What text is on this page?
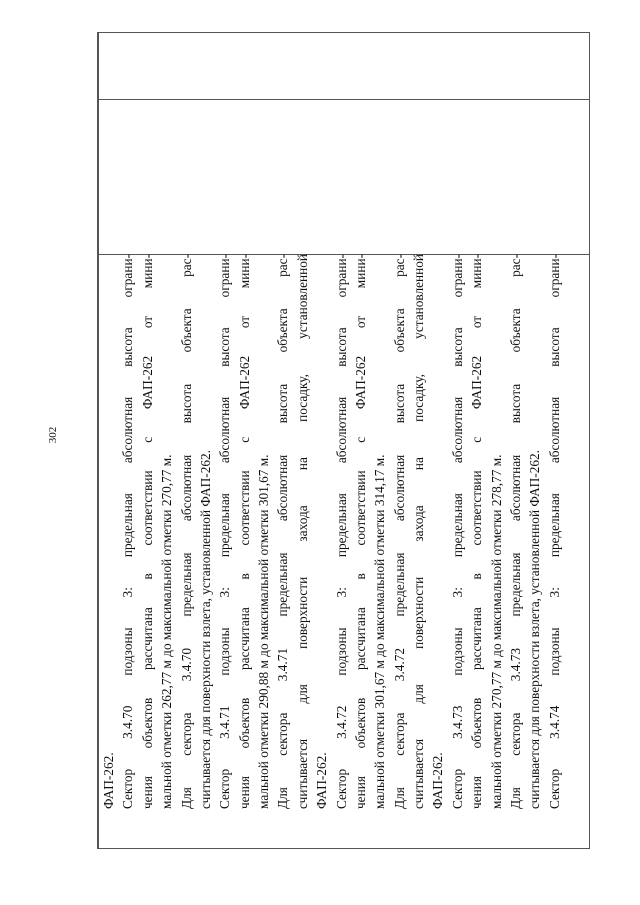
302
ФАП-262. Сектор 3.4.70 подзоны 3: предельная абсолютная высота ограни- чения объектов рассчитана в соответствии с ФАП-262 от мини- мальной отметки 262,77 м до максимальной отметки 270,77 м. Для сектора 3.4.70 предельная абсолютная высота объекта рас- считывается для поверхности взлета, установленной ФАП-262. Сектор 3.4.71 подзоны 3: предельная абсолютная высота ограни- чения объектов рассчитана в соответствии с ФАП-262 от мини- мальной отметки 290,88 м до максимальной отметки 301,67 м. Для сектора 3.4.71 предельная абсолютная высота объекта рас- считывается для поверхности захода на посадку, установленной ФАП-262. Сектор 3.4.72 подзоны 3: предельная абсолютная высота ограни- чения объектов рассчитана в соответствии с ФАП-262 от мини- мальной отметки 301,67 м до максимальной отметки 314,17 м. Для сектора 3.4.72 предельная абсолютная высота объекта рас- считывается для поверхности захода на посадку, установленной ФАП-262. Сектор 3.4.73 подзоны 3: предельная абсолютная высота ограни- чения объектов рассчитана в соответствии с ФАП-262 от мини- мальной отметки 270,77 м до максимальной отметки 278,77 м. Для сектора 3.4.73 предельная абсолютная высота объекта рас- считывается для поверхности взлета, установленной ФАП-262. Сектор 3.4.74 подзоны 3: предельная абсолютная высота ограни-
